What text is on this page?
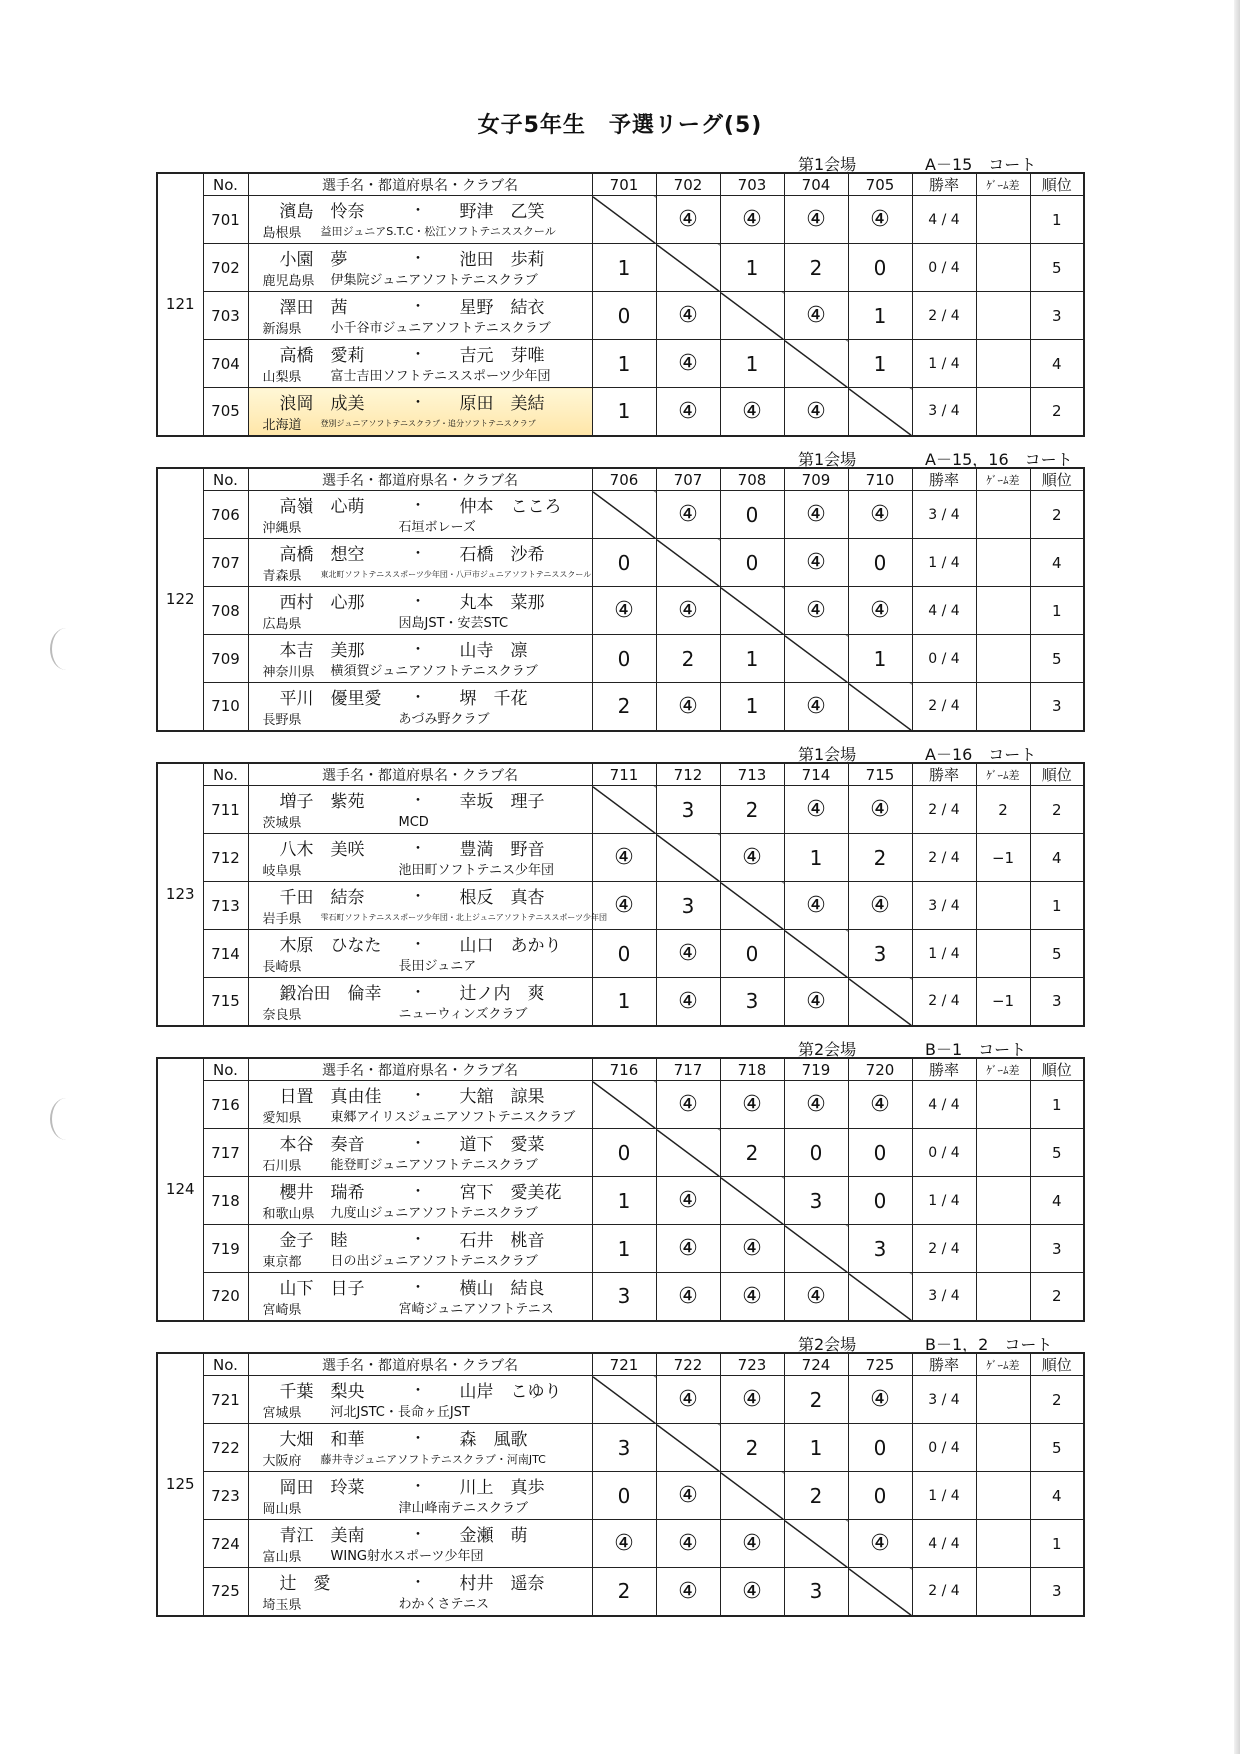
女子5年生　予選リーグ(5)
第1会場	A－15　コート
121	No.	選手名・都道府県名・クラブ名	701	702	703	704	705	勝率	ｹﾞｰﾑ差	順位
	701	濱島　怜奈 ・ 野津　乙笑
島根県 益田ジュニアS.T.C・松江ソフトテニススクール		④	④	④	④	4 / 4		1
	702	小園　夢 ・ 池田　歩莉
鹿児島県 伊集院ジュニアソフトテニスクラブ	1		1	2	0	0 / 4		5
	703	澤田　茜 ・ 星野　結衣
新潟県 小千谷市ジュニアソフトテニスクラブ	0	④		④	1	2 / 4		3
	704	高橋　愛莉 ・ 吉元　芽唯
山梨県 富士吉田ソフトテニススポーツ少年団	1	④	1		1	1 / 4		4
	705	浪岡　成美 ・ 原田　美結
北海道 登別ジュニアソフトテニスクラブ・追分ソフトテニスクラブ	1	④	④	④		3 / 4		2
第1会場	A－15，16　コート
122	No.	選手名・都道府県名・クラブ名	706	707	708	709	710	勝率	ｹﾞｰﾑ差	順位
	706	高嶺　心萌 ・ 仲本　こころ
沖縄県 石垣ボレーズ		④	0	④	④	3 / 4		2
	707	高橋　想空 ・ 石橋　沙希
青森県 東北町ソフトテニススポーツ少年団・八戸市ジュニアソフトテニススクール	0		0	④	0	1 / 4		4
	708	西村　心那 ・ 丸本　菜那
広島県 因島JST・安芸STC	④	④		④	④	4 / 4		1
	709	本吉　美那 ・ 山寺　凛
神奈川県 横須賀ジュニアソフトテニスクラブ	0	2	1		1	0 / 4		5
	710	平川　優里愛 ・ 堺　千花
長野県 あづみ野クラブ	2	④	1	④		2 / 4		3
第1会場	A－16　コート
123	No.	選手名・都道府県名・クラブ名	711	712	713	714	715	勝率	ｹﾞｰﾑ差	順位
	711	増子　紫苑 ・ 幸坂　理子
茨城県 MCD		3	2	④	④	2 / 4	2	2
	712	八木　美咲 ・ 豊満　野音
岐阜県 池田町ソフトテニス少年団	④		④	1	2	2 / 4	−1	4
	713	千田　結奈 ・ 根反　真杏
岩手県 雫石町ソフトテニススポーツ少年団・北上ジュニアソフトテニススポーツ少年団	④	3		④	④	3 / 4		1
	714	木原　ひなた ・ 山口　あかり
長崎県 長田ジュニア	0	④	0		3	1 / 4		5
	715	鍛冶田　倫幸 ・ 辻ノ内　爽
奈良県 ニューウィンズクラブ	1	④	3	④		2 / 4	−1	3
第2会場	B－1　コート
124	No.	選手名・都道府県名・クラブ名	716	717	718	719	720	勝率	ｹﾞｰﾑ差	順位
	716	日置　真由佳 ・ 大舘　諒果
愛知県 東郷アイリスジュニアソフトテニスクラブ		④	④	④	④	4 / 4		1
	717	本谷　奏音 ・ 道下　愛菜
石川県 能登町ジュニアソフトテニスクラブ	0		2	0	0	0 / 4		5
	718	櫻井　瑞希 ・ 宮下　愛美花
和歌山県 九度山ジュニアソフトテニスクラブ	1	④		3	0	1 / 4		4
	719	金子　睦 ・ 石井　桃音
東京都 日の出ジュニアソフトテニスクラブ	1	④	④		3	2 / 4		3
	720	山下　日子 ・ 横山　結良
宮崎県 宮崎ジュニアソフトテニス	3	④	④	④		3 / 4		2
第2会場	B－1，2　コート
125	No.	選手名・都道府県名・クラブ名	721	722	723	724	725	勝率	ｹﾞｰﾑ差	順位
	721	千葉　梨央 ・ 山岸　こゆり
宮城県 河北JSTC・長命ヶ丘JST		④	④	2	④	3 / 4		2
	722	大畑　和華 ・ 森　風歌
大阪府 藤井寺ジュニアソフトテニスクラブ・河南JTC	3		2	1	0	0 / 4		5
	723	岡田　玲菜 ・ 川上　真歩
岡山県 津山峰南テニスクラブ	0	④		2	0	1 / 4		4
	724	青江　美南 ・ 金瀬　萌
富山県 WING射水スポーツ少年団	④	④	④		④	4 / 4		1
	725	辻　愛 ・ 村井　遥奈
埼玉県 わかくさテニス	2	④	④	3		2 / 4		3
